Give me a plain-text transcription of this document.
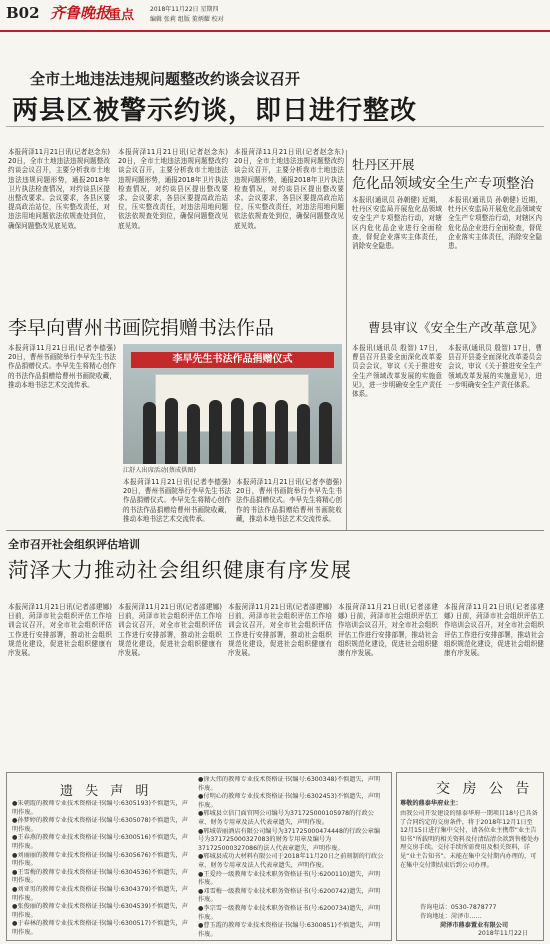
B02 齐鲁晚报
重点	2018年11月22日 星期四
编辑 张莉 组版 董炳耀 校对
全市土地违法违规问题整改约谈会议召开
两县区被警示约谈，即日进行整改
本报菏泽11月21日讯(记者赵念东) 20日，全市土地违法违规问题整改约谈会议召开，主要分析我市土地违法违规问题形势，通报2018年卫片执法检查情况，对约谈县区提出整改要求。会议要求，各县区要提高政治站位，压实整改责任，对违法用地问题依法依规查处到位，确保问题整改见底见效。
本报菏泽11月21日讯(记者赵念东) 20日，全市土地违法违规问题整改约谈会议召开，主要分析我市土地违法违规问题形势，通报2018年卫片执法检查情况，对约谈县区提出整改要求。会议要求，各县区要提高政治站位，压实整改责任，对违法用地问题依法依规查处到位，确保问题整改见底见效。
本报菏泽11月21日讯(记者赵念东) 20日，全市土地违法违规问题整改约谈会议召开，主要分析我市土地违法违规问题形势，通报2018年卫片执法检查情况，对约谈县区提出整改要求。会议要求，各县区要提高政治站位，压实整改责任，对违法用地问题依法依规查处到位，确保问题整改见底见效。
牡丹区开展
危化品领域安全生产专项整治
本报讯(通讯员 孙朝健) 近期，牡丹区安监局开展危化品领域安全生产专项整治行动，对辖区内危化品企业进行全面检查，督促企业落实主体责任，消除安全隐患。
本报讯(通讯员 孙朝健) 近期，牡丹区安监局开展危化品领域安全生产专项整治行动，对辖区内危化品企业进行全面检查，督促企业落实主体责任，消除安全隐患。
曹县审议《安全生产改革意见》
本报讯(通讯员 殷智) 17日，曹县召开县委全面深化改革委员会会议，审议《关于推进安全生产领域改革发展的实施意见》，进一步明确安全生产责任体系。
本报讯(通讯员 殷智) 17日，曹县召开县委全面深化改革委员会会议，审议《关于推进安全生产领域改革发展的实施意见》，进一步明确安全生产责任体系。
李早向曹州书画院捐赠书法作品
本报菏泽11月21日讯(记者李德强) 20日，曹州书画院举行李早先生书法作品捐赠仪式。李早先生将精心创作的书法作品捐赠给曹州书画院收藏，推动本地书法艺术交流传承。
李早先生书法作品捐赠仪式
江舒人出席活动(蔡成供图)
本报菏泽11月21日讯(记者李德强) 20日，曹州书画院举行李早先生书法作品捐赠仪式。李早先生将精心创作的书法作品捐赠给曹州书画院收藏，推动本地书法艺术交流传承。
本报菏泽11月21日讯(记者李德强) 20日，曹州书画院举行李早先生书法作品捐赠仪式。李早先生将精心创作的书法作品捐赠给曹州书画院收藏，推动本地书法艺术交流传承。
全市召开社会组织评估培训
菏泽大力推动社会组织健康有序发展
本报菏泽11月21日讯(记者邵建娜) 日前，菏泽市社会组织评估工作培训会议召开，对全市社会组织评估工作进行安排部署，推动社会组织规范化建设，促进社会组织健康有序发展。
本报菏泽11月21日讯(记者邵建娜) 日前，菏泽市社会组织评估工作培训会议召开，对全市社会组织评估工作进行安排部署，推动社会组织规范化建设，促进社会组织健康有序发展。
本报菏泽11月21日讯(记者邵建娜) 日前，菏泽市社会组织评估工作培训会议召开，对全市社会组织评估工作进行安排部署，推动社会组织规范化建设，促进社会组织健康有序发展。
本报菏泽11月21日讯(记者邵建娜) 日前，菏泽市社会组织评估工作培训会议召开，对全市社会组织评估工作进行安排部署，推动社会组织规范化建设，促进社会组织健康有序发展。
本报菏泽11月21日讯(记者邵建娜) 日前，菏泽市社会组织评估工作培训会议召开，对全市社会组织评估工作进行安排部署，推动社会组织规范化建设，促进社会组织健康有序发展。
遗 失 声 明
●朱朝霞的教师专业技术资格证书(编号:6305193)不慎遗失，声明作废。
●孙梦婷的教师专业技术资格证书(编号:6305078)不慎遗失，声明作废。
●王春燕的教师专业技术资格证书(编号:6300516)不慎遗失，声明作废。
●刘丽丽的教师专业技术资格证书(编号:6305676)不慎遗失，声明作废。
●王雪梅的教师专业技术资格证书(编号:6304536)不慎遗失，声明作废。
●刘亚男的教师专业技术资格证书(编号:6304379)不慎遗失，声明作废。
●张俊丽的教师专业技术资格证书(编号:6304539)不慎遗失，声明作废。
●于春林的教师专业技术资格证书(编号:6300517)不慎遗失，声明作废。
●徐大伟的教师专业技术资格证书(编号:6300348)不慎遗失，声明作废。
●付明心的教师专业技术资格证书(编号:6302453)不慎遗失，声明作废。
●郓城县立信门面官网公司编号为371725000105978的行政公章、财务专用章及法人代表章遗失，声明作废。
●郓城蒂丽酒店有限公司编号为371725000474448的行政公章编号为371725000327083的财务专用章及编号为371725000327086的法人代表章遗失，声明作废。
●郓城县成功大材料有限公司于2018年11月20日之前刻制的行政公章、财务专用章及法人代表章遗失，声明作废。
●王爱玲一级教师专业技术职务资格证书(号:6200110)遗失，声明作废。
●邓雪梅一级教师专业技术职务资格证书(号:6200742)遗失，声明作废。
●李宗雪一级教师专业技术职务资格证书(号:6200734)遗失，声明作废。
●曹玉霞的教师专业技术资格证书(编号:6300851)不慎遗失，声明作废。
交 房 公 告
尊敬的鼎泰华府业主：
由我公司开发建设的鼎泰华府一期项目18号已具备了合同约定的交房条件，将于2018年12月1日至12月15日进行集中交付，请各位业主携带“业主告知书”所载明的相关资料及付清结清余款到售楼处办理交房手续。交付手续所需费用及相关资料，详见“业主告知书”。未能在集中交付期内办理的，可在集中交付期结束后到公司办理。
咨询电话：0530-7878777
咨询地址：菏泽市……
菏泽市鼎泰置业有限公司
2018年11月22日
